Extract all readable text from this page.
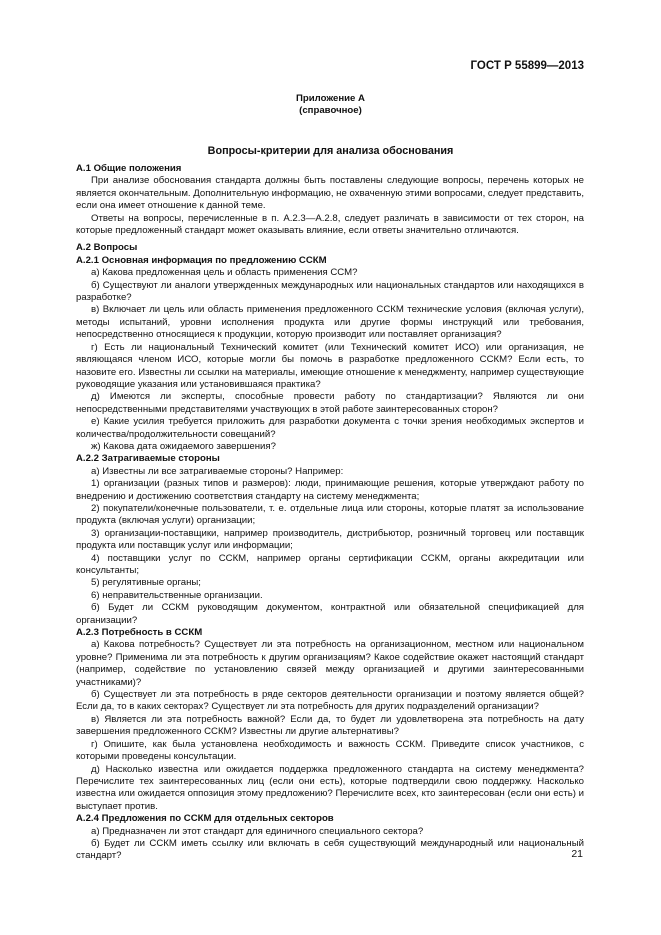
ГОСТ Р 55899—2013
Приложение А
(справочное)
Вопросы-критерии для анализа обоснования
А.1 Общие положения
При анализе обоснования стандарта должны быть поставлены следующие вопросы, перечень которых не является окончательным. Дополнительную информацию, не охваченную этими вопросами, следует представить, если она имеет отношение к данной теме.
Ответы на вопросы, перечисленные в п. А.2.3—А.2.8, следует различать в зависимости от тех сторон, на которые предложенный стандарт может оказывать влияние, если ответы значительно отличаются.
А.2 Вопросы
А.2.1 Основная информация по предложению ССКМ
а) Какова предложенная цель и область применения ССМ?
б) Существуют ли аналоги утвержденных международных или национальных стандартов или находящихся в разработке?
в) Включает ли цель или область применения предложенного ССКМ технические условия (включая услуги), методы испытаний, уровни исполнения продукта или другие формы инструкций или требования, непосредственно относящиеся к продукции, которую производит или поставляет организация?
г) Есть ли национальный Технический комитет (или Технический комитет ИСО) или организация, не являющаяся членом ИСО, которые могли бы помочь в разработке предложенного ССКМ? Если есть, то назовите его. Известны ли ссылки на материалы, имеющие отношение к менеджменту, например существующие руководящие указания или установившаяся практика?
д) Имеются ли эксперты, способные провести работу по стандартизации? Являются ли они непосредственными представителями участвующих в этой работе заинтересованных сторон?
е) Какие усилия требуется приложить для разработки документа с точки зрения необходимых экспертов и количества/продолжительности совещаний?
ж) Какова дата ожидаемого завершения?
А.2.2 Затрагиваемые стороны
а) Известны ли все затрагиваемые стороны? Например:
1) организации (разных типов и размеров): люди, принимающие решения, которые утверждают работу по внедрению и достижению соответствия стандарту на систему менеджмента;
2) покупатели/конечные пользователи, т. е. отдельные лица или стороны, которые платят за использование продукта (включая услуги) организации;
3) организации-поставщики, например производитель, дистрибьютор, розничный торговец или поставщик продукта или поставщик услуг или информации;
4) поставщики услуг по ССКМ, например органы сертификации ССКМ, органы аккредитации или консультанты;
5) регулятивные органы;
6) неправительственные организации.
б) Будет ли ССКМ руководящим документом, контрактной или обязательной спецификацией для организации?
А.2.3 Потребность в ССКМ
а) Какова потребность? Существует ли эта потребность на организационном, местном или национальном уровне? Применима ли эта потребность к другим организациям? Какое содействие окажет настоящий стандарт (например, содействие по установлению связей между организацией и другими заинтересованными участниками)?
б) Существует ли эта потребность в ряде секторов деятельности организации и поэтому является общей? Если да, то в каких секторах? Существует ли эта потребность для других подразделений организации?
в) Является ли эта потребность важной? Если да, то будет ли удовлетворена эта потребность на дату завершения предложенного ССКМ? Известны ли другие альтернативы?
г) Опишите, как была установлена необходимость и важность ССКМ. Приведите список участников, с которыми проведены консультации.
д) Насколько известна или ожидается поддержка предложенного стандарта на систему менеджмента? Перечислите тех заинтересованных лиц (если они есть), которые подтвердили свою поддержку. Насколько известна или ожидается оппозиция этому предложению? Перечислите всех, кто заинтересован (если они есть) и выступает против.
А.2.4 Предложения по ССКМ для отдельных секторов
а) Предназначен ли этот стандарт для единичного специального сектора?
б) Будет ли ССКМ иметь ссылку или включать в себя существующий международный или национальный стандарт?	21
